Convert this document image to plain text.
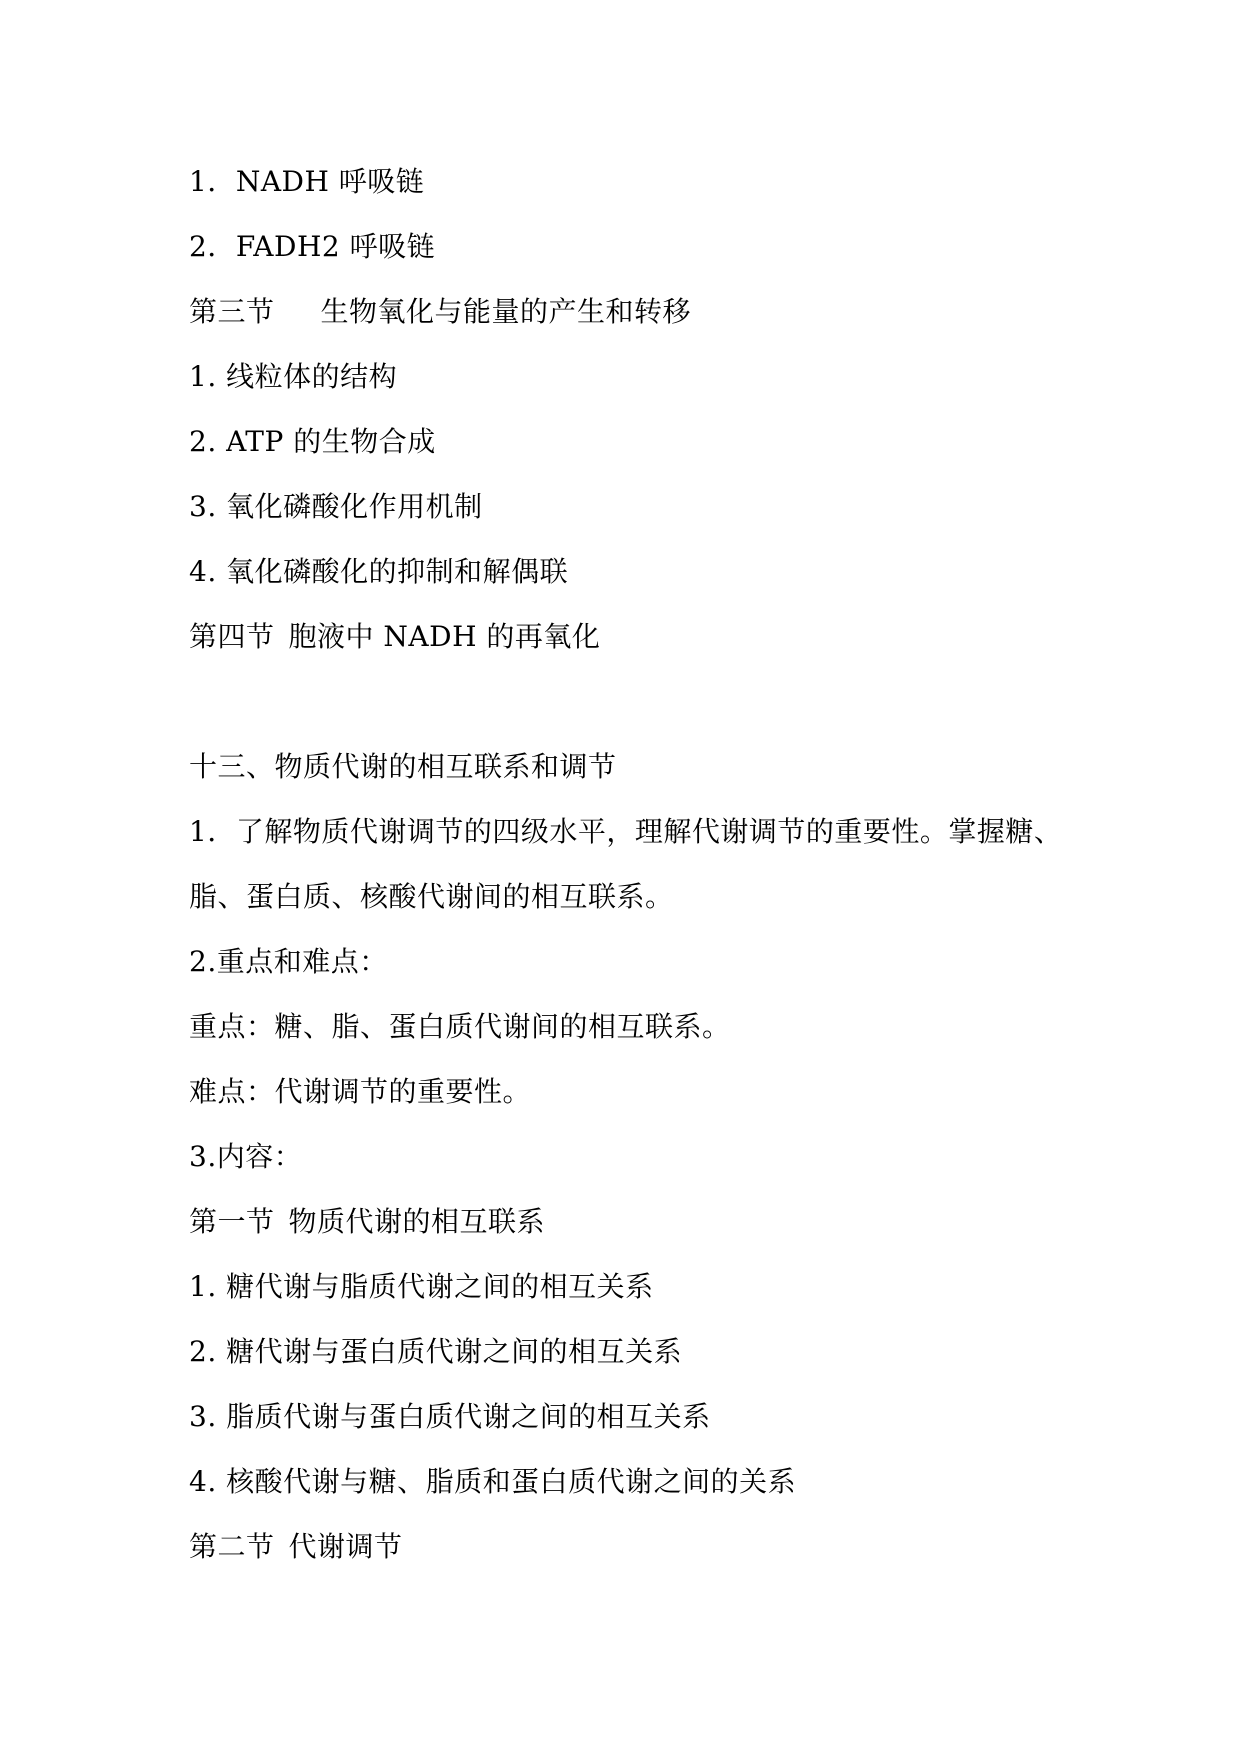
1．NADH 呼吸链
2．FADH2 呼吸链
第三节 生物氧化与能量的产生和转移
1. 线粒体的结构
2. ATP 的生物合成
3. 氧化磷酸化作用机制
4. 氧化磷酸化的抑制和解偶联
第四节 胞液中 NADH 的再氧化
十三、物质代谢的相互联系和调节
1．了解物质代谢调节的四级水平，理解代谢调节的重要性。掌握糖、
脂、蛋白质、核酸代谢间的相互联系。
2.重点和难点：
重点：糖、脂、蛋白质代谢间的相互联系。
难点：代谢调节的重要性。
3.内容：
第一节 物质代谢的相互联系
1. 糖代谢与脂质代谢之间的相互关系
2. 糖代谢与蛋白质代谢之间的相互关系
3. 脂质代谢与蛋白质代谢之间的相互关系
4. 核酸代谢与糖、脂质和蛋白质代谢之间的关系
第二节 代谢调节
